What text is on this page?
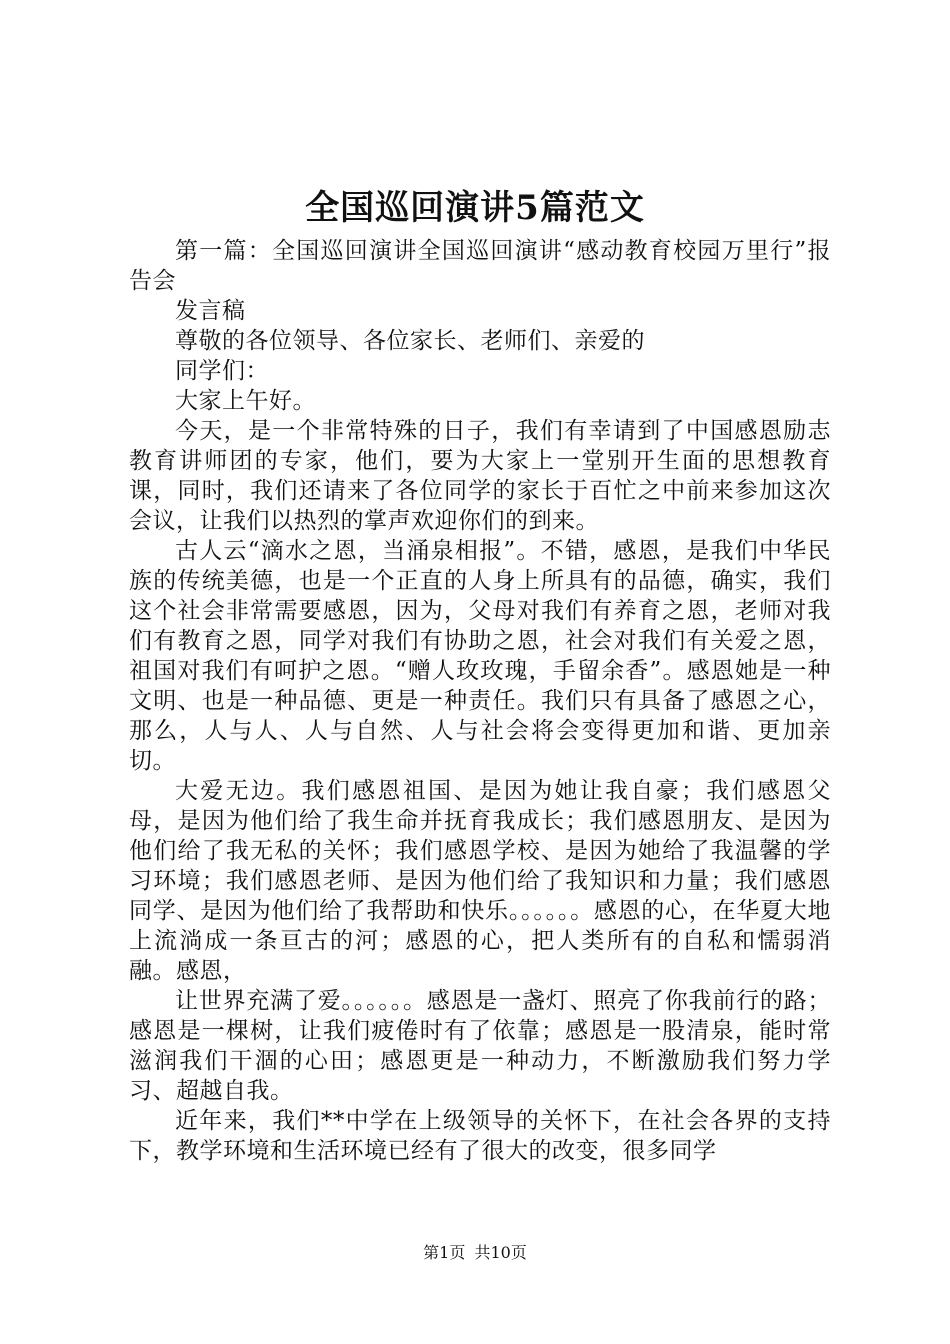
全国巡回演讲5篇范文

第一篇：全国巡回演讲全国巡回演讲“感动教育校园万里行”报告会

发言稿

尊敬的各位领导、各位家长、老师们、亲爱的

同学们：

大家上午好。

今天，是一个非常特殊的日子，我们有幸请到了中国感恩励志教育讲师团的专家，他们，要为大家上一堂别开生面的思想教育课，同时，我们还请来了各位同学的家长于百忙之中前来参加这次会议，让我们以热烈的掌声欢迎你们的到来。

古人云“滴水之恩，当涌泉相报”。不错，感恩，是我们中华民族的传统美德，也是一个正直的人身上所具有的品德，确实，我们这个社会非常需要感恩，因为，父母对我们有养育之恩，老师对我们有教育之恩，同学对我们有协助之恩，社会对我们有关爱之恩，祖国对我们有呵护之恩。“赠人玫玫瑰，手留余香”。感恩她是一种文明、也是一种品德、更是一种责任。我们只有具备了感恩之心，那么，人与人、人与自然、人与社会将会变得更加和谐、更加亲切。

大爱无边。我们感恩祖国、是因为她让我自豪；我们感恩父母，是因为他们给了我生命并抚育我成长；我们感恩朋友、是因为他们给了我无私的关怀；我们感恩学校、是因为她给了我温馨的学习环境；我们感恩老师、是因为他们给了我知识和力量；我们感恩同学、是因为他们给了我帮助和快乐。。。。。。感恩的心，在华夏大地上流淌成一条亘古的河；感恩的心，把人类所有的自私和懦弱消融。感恩，

让世界充满了爱。。。。。。感恩是一盏灯、照亮了你我前行的路；感恩是一棵树，让我们疲倦时有了依靠；感恩是一股清泉，能时常滋润我们干涸的心田；感恩更是一种动力，不断激励我们努力学习、超越自我。

近年来，我们**中学在上级领导的关怀下，在社会各界的支持下，教学环境和生活环境已经有了很大的改变，很多同学

第1页 共10页
